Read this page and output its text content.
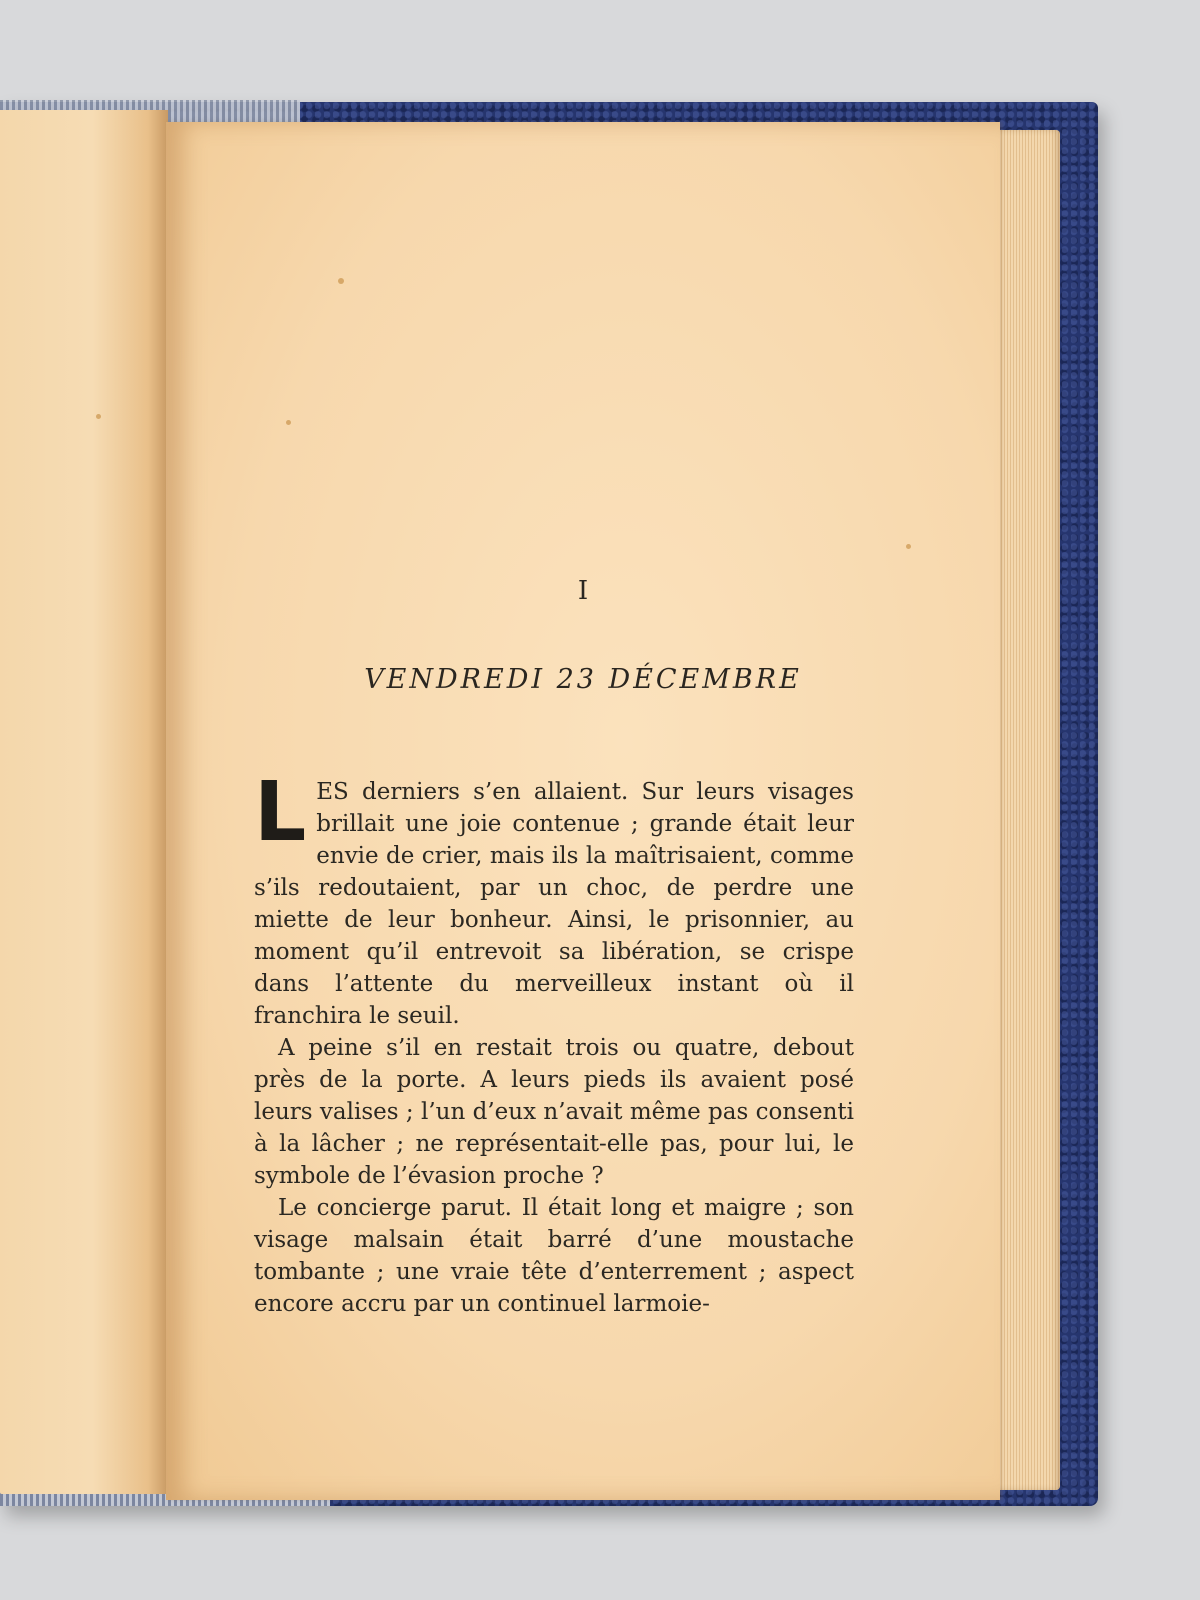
I
VENDREDI 23 DÉCEMBRE

LES derniers s’en allaient. Sur leurs visages brillait une joie contenue ; grande était leur envie de crier, mais ils la maîtrisaient, comme s’ils redoutaient, par un choc, de perdre une miette de leur bonheur. Ainsi, le prisonnier, au moment qu’il entrevoit sa libération, se crispe dans l’attente du merveilleux instant où il franchira le seuil.

A peine s’il en restait trois ou quatre, debout près de la porte. A leurs pieds ils avaient posé leurs valises ; l’un d’eux n’avait même pas consenti à la lâcher ; ne représentait-elle pas, pour lui, le symbole de l’évasion proche ?

Le concierge parut. Il était long et maigre ; son visage malsain était barré d’une moustache tombante ; une vraie tête d’enterrement ; aspect encore accru par un continuel larmoie-
